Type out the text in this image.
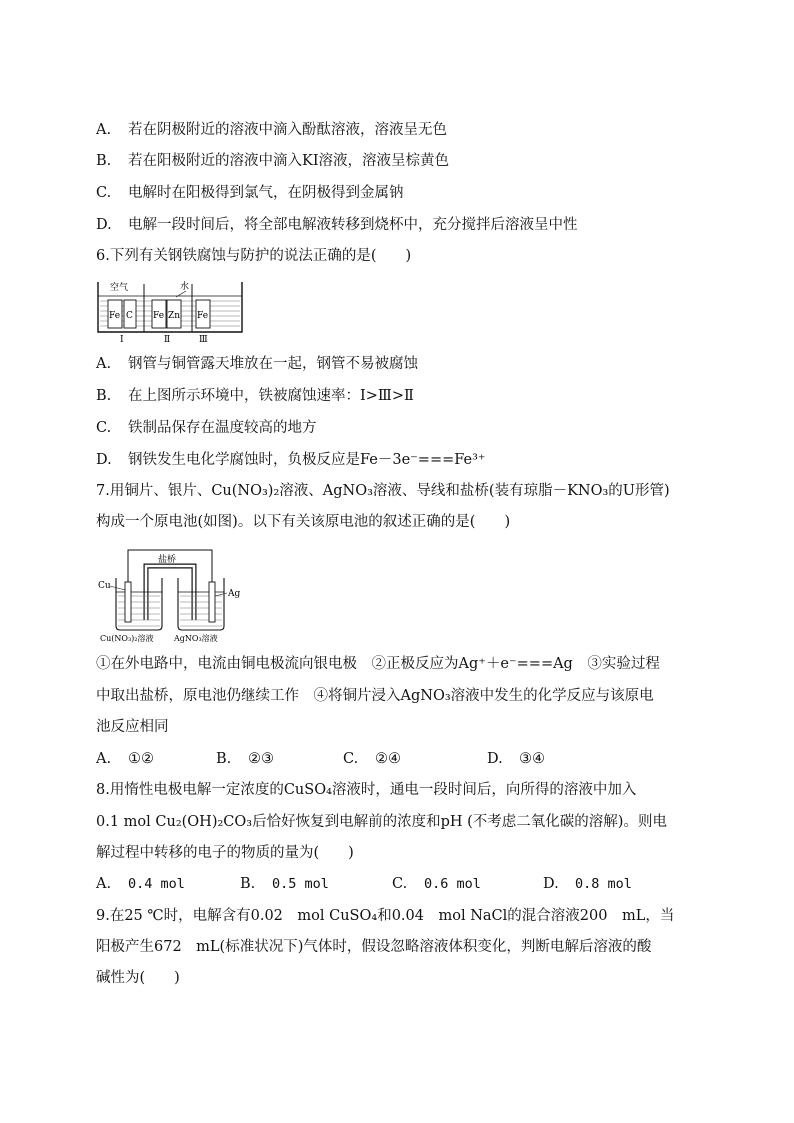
A. 若在阴极附近的溶液中滴入酚酞溶液，溶液呈无色
B. 若在阳极附近的溶液中滴入KI溶液，溶液呈棕黄色
C. 电解时在阳极得到氯气，在阴极得到金属钠
D. 电解一段时间后，将全部电解液转移到烧杯中，充分搅拌后溶液呈中性
6.下列有关钢铁腐蚀与防护的说法正确的是(　　)
Fe C Fe Zn Fe
空气	水
Ⅰ	Ⅱ	Ⅲ
A. 钢管与铜管露天堆放在一起，钢管不易被腐蚀
B. 在上图所示环境中，铁被腐蚀速率：Ⅰ>Ⅲ>Ⅱ
C. 铁制品保存在温度较高的地方
D. 钢铁发生电化学腐蚀时，负极反应是Fe－3e⁻===Fe³⁺
7.用铜片、银片、Cu(NO₃)₂溶液、AgNO₃溶液、导线和盐桥(装有琼脂－KNO₃的U形管)
构成一个原电池(如图)。以下有关该原电池的叙述正确的是(　　)
盐桥
Cu
Ag
Cu(NO₃)₂溶液	AgNO₃溶液
①在外电路中，电流由铜电极流向银电极　②正极反应为Ag⁺＋e⁻===Ag　③实验过程
中取出盐桥，原电池仍继续工作　④将铜片浸入AgNO₃溶液中发生的化学反应与该原电
池反应相同
A. ①②	B. ②③	C. ②④	D. ③④
8.用惰性电极电解一定浓度的CuSO₄溶液时，通电一段时间后，向所得的溶液中加入
0.1 mol Cu₂(OH)₂CO₃后恰好恢复到电解前的浓度和pH (不考虑二氧化碳的溶解)。则电
解过程中转移的电子的物质的量为(　　)
A. 0.4 mol	B. 0.5 mol	C. 0.6 mol	D. 0.8 mol
9.在25 ℃时，电解含有0.02　mol CuSO₄和0.04　mol NaCl的混合溶液200　mL，当
阳极产生672　mL(标准状况下)气体时，假设忽略溶液体积变化，判断电解后溶液的酸
碱性为(　　)
